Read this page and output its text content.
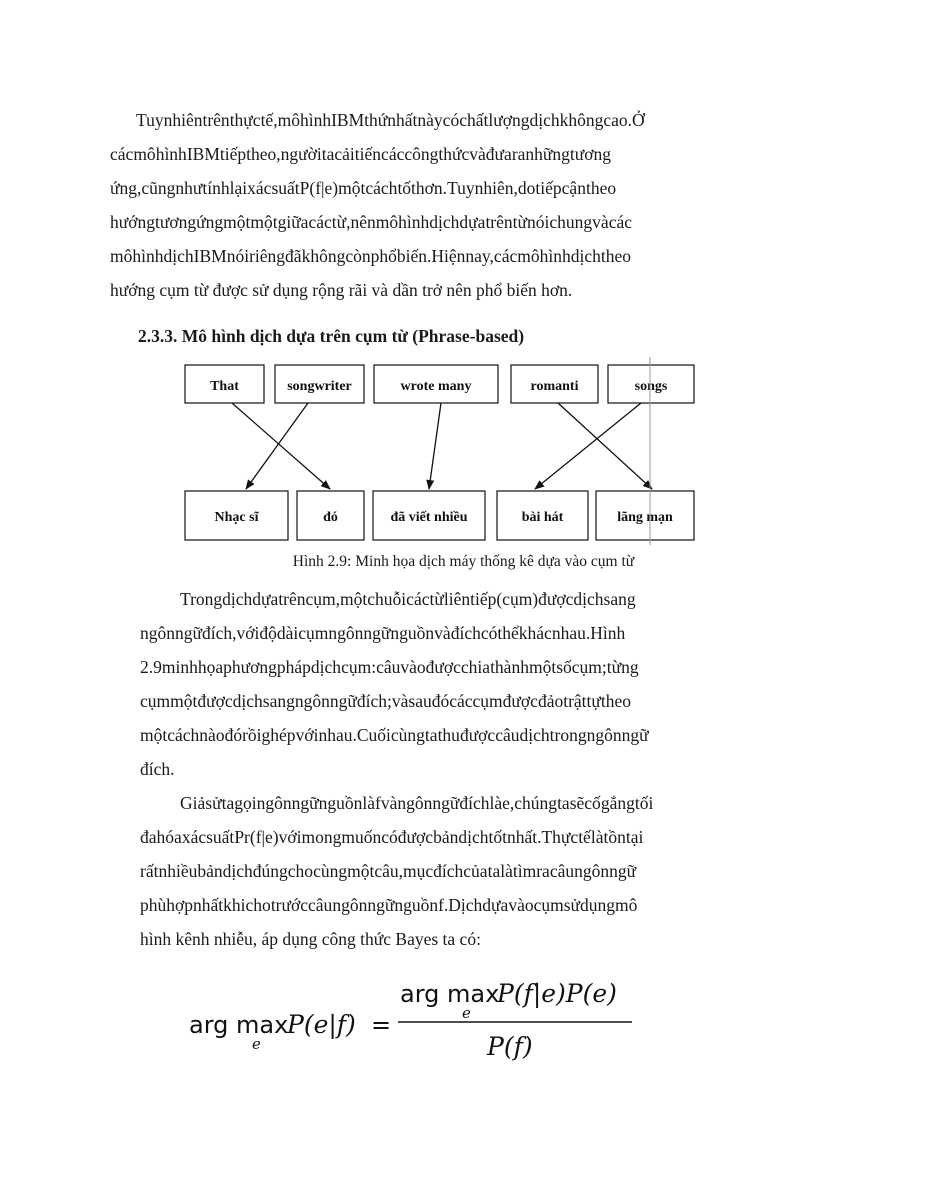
Tuynhiêntrênthựctế,môhìnhIBMthứnhấtnàycóchấtlượngdịchkhôngcao.Ở
cácmôhìnhIBMtiếptheo,ngườitacảitiếncáccôngthứcvàđưaranhữngtương
ứng,cũngnhưtínhlạixácsuấtP(f|e)mộtcáchtốthơn.Tuynhiên,dotiếpcậntheo
hướngtươngứngmộtmộtgiữacáctừ,nênmôhìnhdịchdựatrêntừnóichungvàcác
môhìnhdịchIBMnóiriêngđãkhôngcònphổbiến.Hiệnnay,cácmôhìnhdịchtheo
hướng cụm từ được sử dụng rộng rãi và dần trở nên phổ biến hơn.
2.3.3. Mô hình dịch dựa trên cụm từ (Phrase-based)
That	songwriter	wrote many	romanti	songs
Nhạc sĩ	đó	đã viết nhiều	bài hát	lãng mạn

Hình 2.9: Minh họa dịch máy thống kê dựa vào cụm từ

Trongdịchdựatrêncụm,mộtchuỗicáctừliêntiếp(cụm)đượcdịchsang
ngônngữđích,vớiđộdàicụmngônngữnguồnvàđíchcóthểkhácnhau.Hình
2.9minhhọaphươngphápdịchcụm:câuvàođượcchiathànhmộtsốcụm;từng
cụmmộtđượcdịchsangngônngữđích;vàsauđócáccụmđượcđảotrậttựtheo
mộtcáchnàođórồighépvớinhau.Cuốicùngtathuđượccâudịchtrongngônngữ
đích.
Giảsửtagọingônngữnguồnlàfvàngônngữđíchlàe,chúngtasẽcốgắngtối
đahóaxácsuấtPr(f|e)vớimongmuốncóđượcbảndịchtốtnhất.Thựctếlàtồntại
rấtnhiềubảndịchđúngchocùngmộtcâu,mụcđíchcủatalàtìmracâungônngữ
phùhợpnhấtkhichotrướccâungônngữnguồnf.Dịchdựavàocụmsửdụngmô
hình kênh nhiễu, áp dụng công thức Bayes ta có:
arg max
e
P(e|f) =
arg max
e
P(f|e)P(e)
P(f)
